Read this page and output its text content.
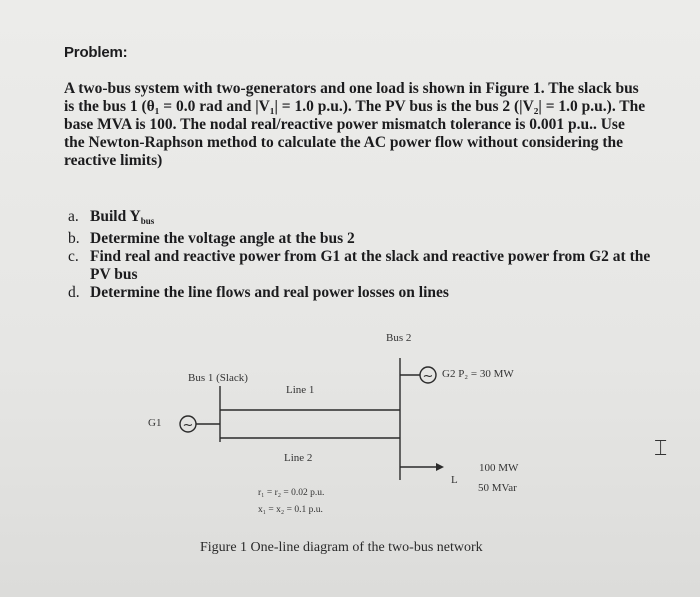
Problem:
A two-bus system with two-generators and one load is shown in Figure 1. The slack bus
is the bus 1 (θ₁ = 0.0 rad and |V₁| = 1.0 p.u.). The PV bus is the bus 2 (|V₂| = 1.0 p.u.). The
base MVA is 100. The nodal real/reactive power mismatch tolerance is 0.001 p.u.. Use
the Newton-Raphson method to calculate the AC power flow without considering the
reactive limits)
a. Build $Y_{bus}$
b. Determine the voltage angle at the bus 2
c. Find real and reactive power from G1 at the slack and reactive power from G2 at the
PV bus
d. Determine the line flows and real power losses on lines
~
~
Bus 2
Bus 1 (Slack)
Line 1
Line 2
G1
G2 P₂ = 30 MW
L
100 MW
50 MVar
r₁ = r₂ = 0.02 p.u.
x₁ = x₂ = 0.1 p.u.
Figure 1 One-line diagram of the two-bus network
⌶
